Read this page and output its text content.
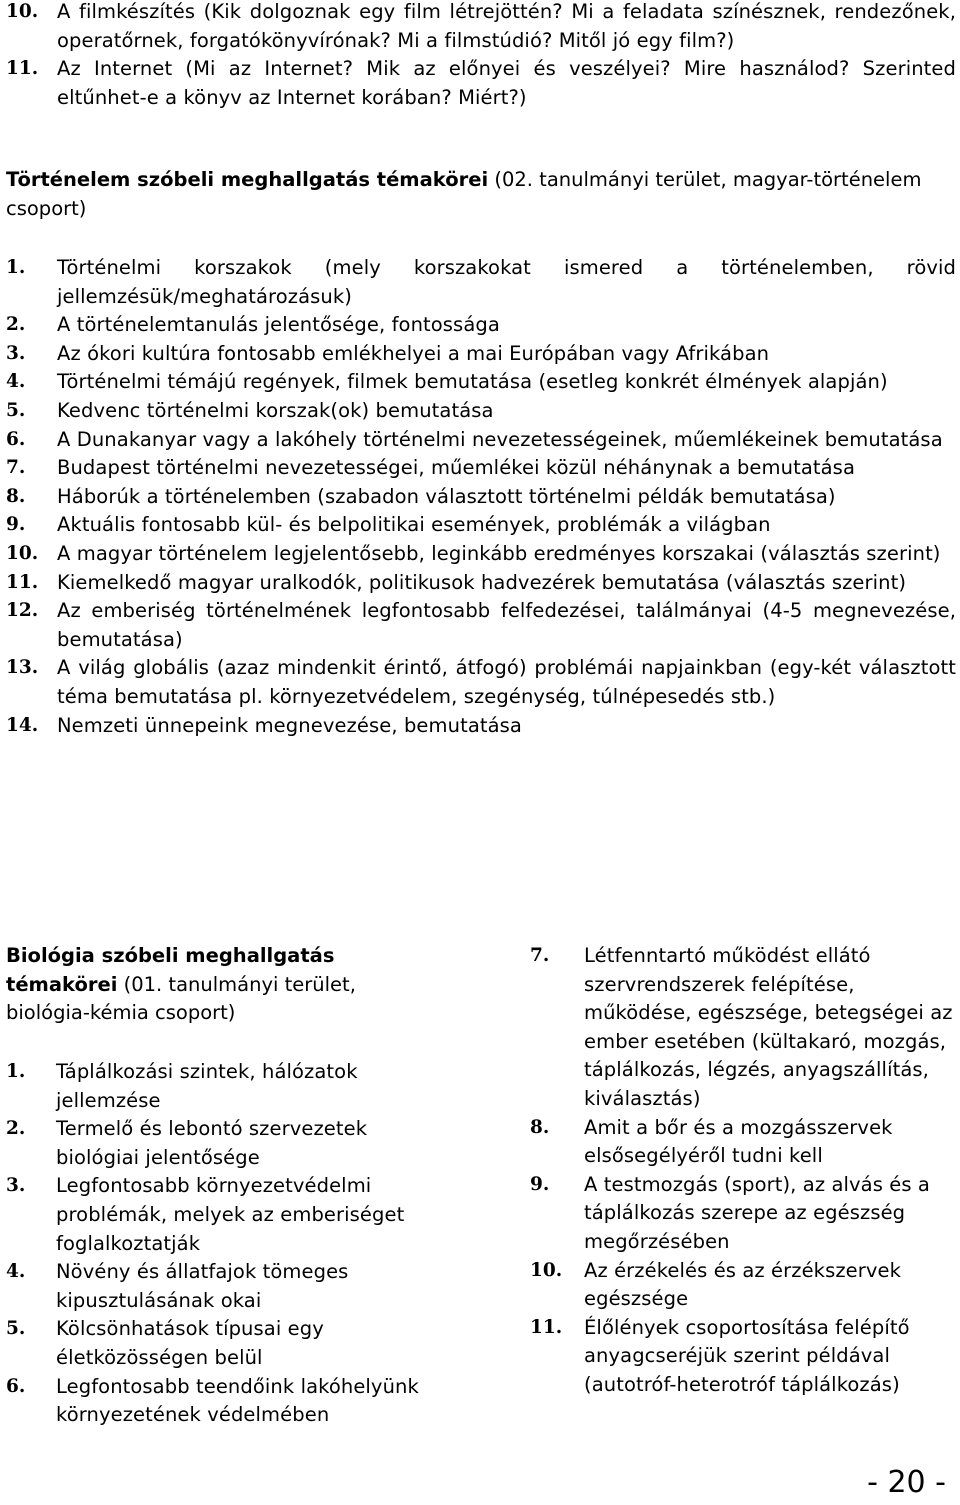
10. A filmkészítés (Kik dolgoznak egy film létrejöttén? Mi a feladata színésznek, rendezőnek, operatőrnek, forgatókönyvírónak? Mi a filmstúdió? Mitől jó egy film?)
11. Az Internet (Mi az Internet? Mik az előnyei és veszélyei? Mire használod? Szerinted eltűnhet-e a könyv az Internet korában? Miért?)
Történelem szóbeli meghallgatás témakörei (02. tanulmányi terület, magyar-történelem csoport)
1.	Történelmi korszakok (mely korszakokat ismered a történelemben, rövid jellemzésük/meghatározásuk)
2.	A történelemtanulás jelentősége, fontossága
3.	Az ókori kultúra fontosabb emlékhelyei a mai Európában vagy Afrikában
4.	Történelmi témájú regények, filmek bemutatása (esetleg konkrét élmények alapján)
5.	Kedvenc történelmi korszak(ok) bemutatása
6.	A Dunakanyar vagy a lakóhely történelmi nevezetességeinek, műemlékeinek bemutatása
7.	Budapest történelmi nevezetességei, műemlékei közül néhánynak a bemutatása
8.	Háborúk a történelemben (szabadon választott történelmi példák bemutatása)
9.	Aktuális fontosabb kül- és belpolitikai események, problémák a világban
10. A magyar történelem legjelentősebb, leginkább eredményes korszakai (választás szerint)
11. Kiemelkedő magyar uralkodók, politikusok hadvezérek bemutatása (választás szerint)
12. Az emberiség történelmének legfontosabb felfedezései, találmányai (4-5 megnevezése, bemutatása)
13. A világ globális (azaz mindenkit érintő, átfogó) problémái napjainkban (egy-két választott téma bemutatása pl. környezetvédelem, szegénység, túlnépesedés stb.)
14. Nemzeti ünnepeink megnevezése, bemutatása
Biológia szóbeli meghallgatás témakörei (01. tanulmányi terület, biológia-kémia csoport)
1.	Táplálkozási szintek, hálózatok jellemzése
2.	Termelő és lebontó szervezetek biológiai jelentősége
3.	Legfontosabb környezetvédelmi problémák, melyek az emberiséget foglalkoztatják
4.	Növény és állatfajok tömeges kipusztulásának okai
5.	Kölcsönhatások típusai egy életközösségen belül
6.	Legfontosabb teendőink lakóhelyünk környezetének védelmében
7.	Létfenntartó működést ellátó szervrendszerek felépítése, működése, egészsége, betegségei az ember esetében (kültakaró, mozgás, táplálkozás, légzés, anyagszállítás, kiválasztás)
8.	Amit a bőr és a mozgásszervek elsősegélyéről tudni kell
9.	A testmozgás (sport), az alvás és a táplálkozás szerepe az egészség megőrzésében
10.	Az érzékelés és az érzékszervek egészsége
11.	Élőlények csoportosítása felépítő anyagcseréjük szerint példával (autotróf-heterotróf táplálkozás)
- 20 -
